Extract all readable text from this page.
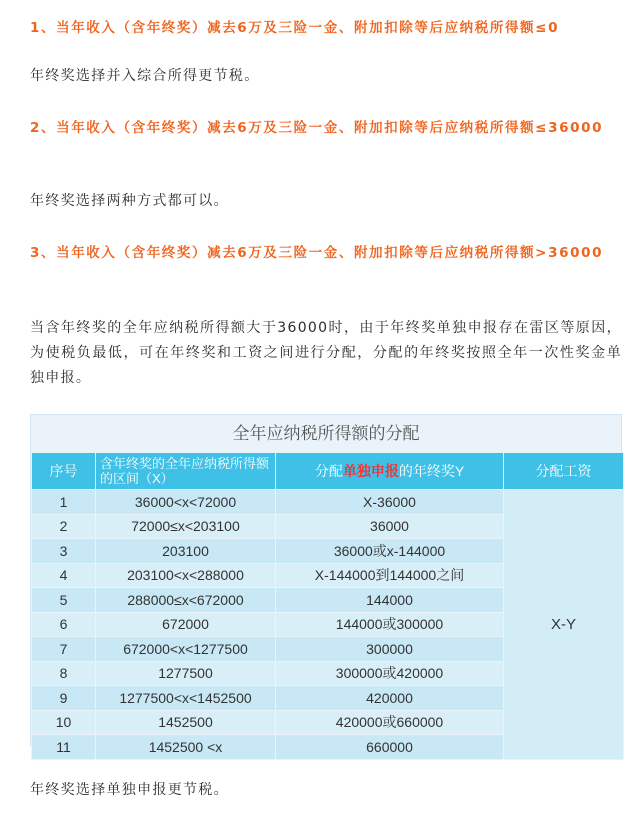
1、当年收入（含年终奖）减去6万及三险一金、附加扣除等后应纳税所得额≤0
年终奖选择并入综合所得更节税。
2、当年收入（含年终奖）减去6万及三险一金、附加扣除等后应纳税所得额≤36000
年终奖选择两种方式都可以。
3、当年收入（含年终奖）减去6万及三险一金、附加扣除等后应纳税所得额>36000
当含年终奖的全年应纳税所得额大于36000时，由于年终奖单独申报存在雷区等原因，为使税负最低，可在年终奖和工资之间进行分配，分配的年终奖按照全年一次性奖金单独申报。
全年应纳税所得额的分配
序号	含年终奖的全年应纳税所得额的区间（X）	分配单独申报的年终奖Y	分配工资
1	36000<x<72000	X-36000	X-Y
2	72000≤x<203100	36000	
3	203100	36000或x-144000	
4	203100<x<288000	X-144000到144000之间	
5	288000≤x<672000	144000	
6	672000	144000或300000	
7	672000<x<1277500	300000	
8	1277500	300000或420000	
9	1277500<x<1452500	420000	
10	1452500	420000或660000	
11	1452500 <x	660000	
年终奖选择单独申报更节税。
